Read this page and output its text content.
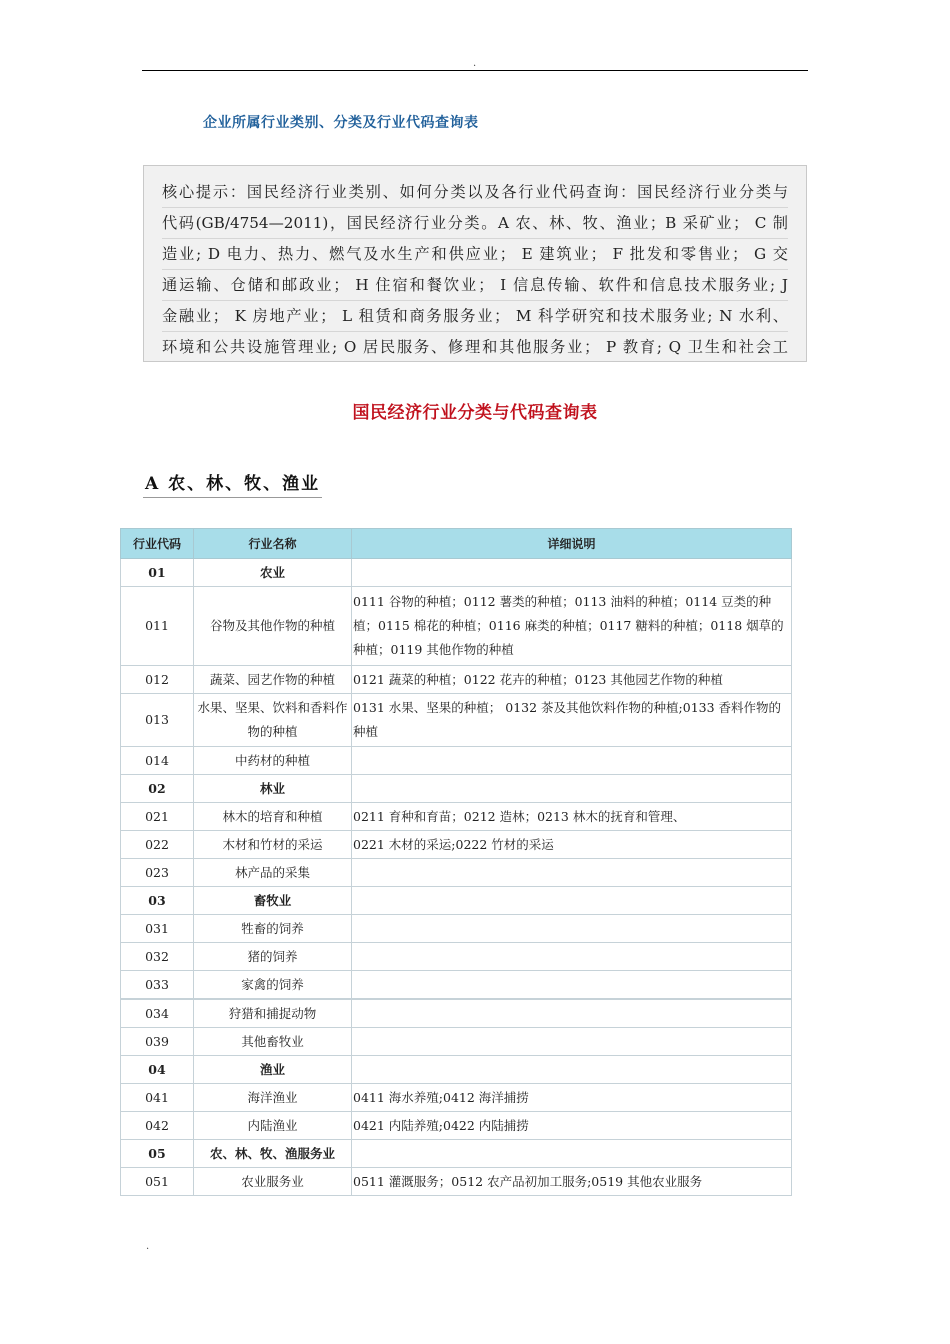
.
企业所属行业类别、分类及行业代码查询表
核心提示：国民经济行业类别、如何分类以及各行业代码查询：国民经济行业分类与
代码(GB/4754—2011)，国民经济行业分类。A 农、林、牧、渔业；B 采矿业； C 制
造业; D 电力、热力、燃气及水生产和供应业； E 建筑业； F 批发和零售业； G 交
通运输、仓储和邮政业； H 住宿和餐饮业； I 信息传输、软件和信息技术服务业; J
金融业； K 房地产业； L 租赁和商务服务业； M 科学研究和技术服务业; N 水利、
环境和公共设施管理业; O 居民服务、修理和其他服务业； P 教育; Q 卫生和社会工
国民经济行业分类与代码查询表
A 农、林、牧、渔业
行业代码	行业名称	详细说明
01	农业	
011	谷物及其他作物的种植	0111 谷物的种植；0112 薯类的种植；0113 油料的种植；0114 豆类的种植；0115 棉花的种植；0116 麻类的种植；0117 糖料的种植；0118 烟草的种植；0119 其他作物的种植
012	蔬菜、园艺作物的种植	0121 蔬菜的种植；0122 花卉的种植；0123 其他园艺作物的种植
013	水果、坚果、饮料和香料作物的种植	0131 水果、坚果的种植； 0132 茶及其他饮料作物的种植;0133 香料作物的种植
014	中药材的种植	
02	林业	
021	林木的培育和种植	0211 育种和育苗；0212 造林；0213 林木的抚育和管理、
022	木材和竹材的采运	0221 木材的采运;0222 竹材的采运
023	林产品的采集	
03	畜牧业	
031	牲畜的饲养	
032	猪的饲养	
033	家禽的饲养	
034	狩猎和捕捉动物	
039	其他畜牧业	
04	渔业	
041	海洋渔业	0411 海水养殖;0412 海洋捕捞
042	内陆渔业	0421 内陆养殖;0422 内陆捕捞
05	农、林、牧、渔服务业	
051	农业服务业	0511 灌溉服务；0512 农产品初加工服务;0519 其他农业服务
.
